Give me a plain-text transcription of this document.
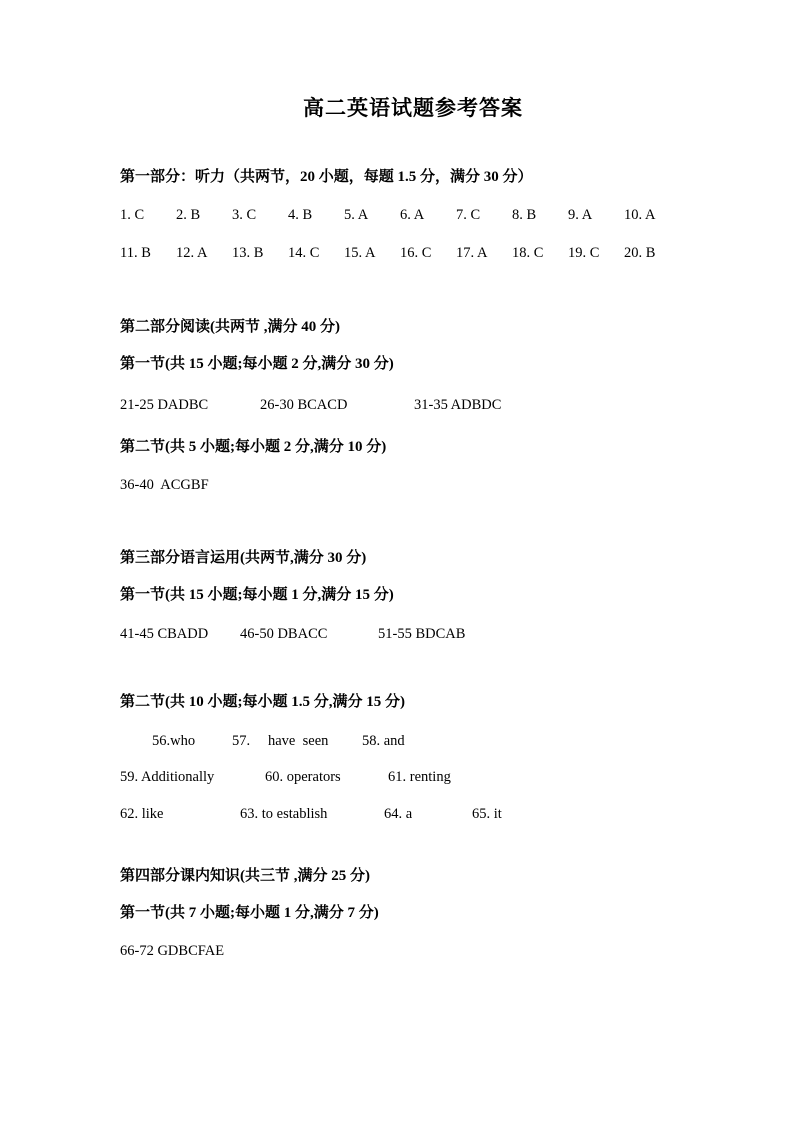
高二英语试题参考答案
第一部分：听力（共两节，20 小题，每题 1.5 分，满分 30 分）
1. C 2. B 3. C 4. B 5. A 6. A 7. C 8. B 9. A 10. A
11. B 12. A 13. B 14. C 15. A 16. C 17. A 18. C 19. C 20. B
第二部分阅读(共两节 ,满分 40 分)
第一节(共 15 小题;每小题 2 分,满分 30 分)
21-25 DADBC	26-30 BCACD	31-35 ADBDC
第二节(共 5 小题;每小题 2 分,满分 10 分)
36-40  ACGBF
第三部分语言运用(共两节,满分 30 分)
第一节(共 15 小题;每小题 1 分,满分 15 分)
41-45 CBADD 46-50 DBACC	51-55 BDCAB
第二节(共 10 小题;每小题 1.5 分,满分 15 分)
56.who	57. have  seen 58. and
59. Additionally	60. operators	61. renting
62. like	63. to establish	64. a	65. it
第四部分课内知识(共三节 ,满分 25 分)
第一节(共 7 小题;每小题 1 分,满分 7 分)
66-72 GDBCFAE
